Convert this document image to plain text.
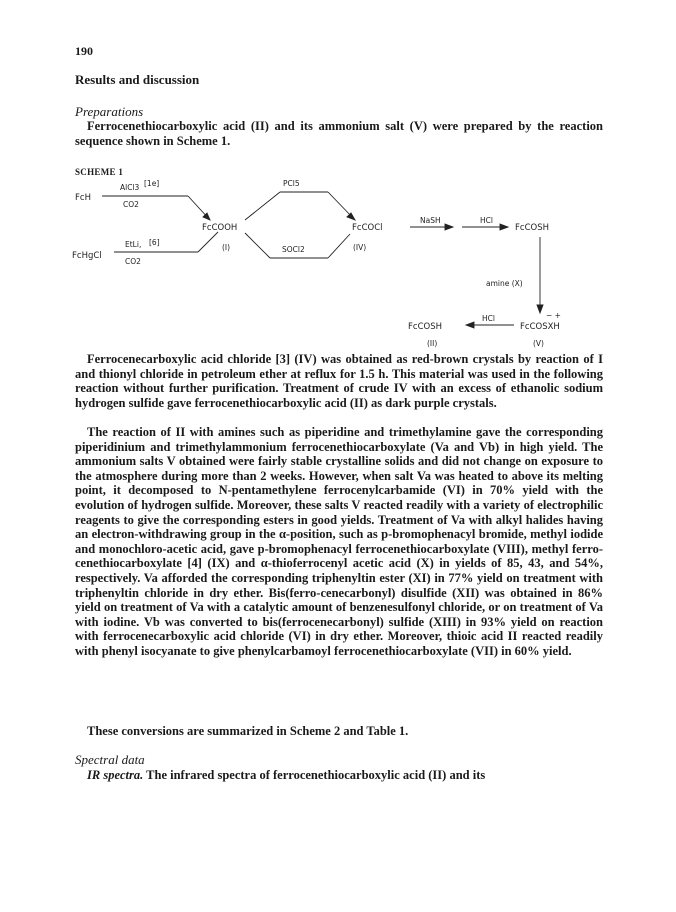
190
Results and discussion
Preparations

Ferrocenethiocarboxylic acid (II) and its ammonium salt (V) were prepared by the reaction sequence shown in Scheme 1.

SCHEME 1
FcH
AlCl3 [1e]
CO2
FcHgCl
EtLi, [6]
CO2
FcCOOH
(I)
PCl5
SOCl2
FcCOCl
(IV)
NaSH	HCl
FcCOSH
amine (X)
FcCOSH
HCl
FcCOSXH
− +
(II)	(V)

Ferrocenecarboxylic acid chloride [3] (IV) was obtained as red-brown crystals by reaction of I and thionyl chloride in petroleum ether at reflux for 1.5 h. This material was used in the following reaction without further purification. Treatment of crude IV with an excess of ethanolic sodium hydrogen sulfide gave ferrocenethiocarboxylic acid (II) as dark purple crystals.

The reaction of II with amines such as piperidine and trimethylamine gave the corresponding piperidinium and trimethylammonium ferrocenethiocarboxylate (Va and Vb) in high yield. The ammonium salts V obtained were fairly stable crystalline solids and did not change on exposure to the atmosphere during more than 2 weeks. However, when salt Va was heated to above its melting point, it decomposed to N-pentamethylene ferrocenylcarbamide (VI) in 70% yield with the evolution of hydrogen sulfide. Moreover, these salts V reacted readily with a variety of electrophilic reagents to give the corresponding esters in good yields. Treatment of Va with alkyl halides having an electron-withdrawing group in the α-position, such as p-bromophenacyl bromide, methyl iodide and monochloro-acetic acid, gave p-bromophenacyl ferrocenethiocarboxylate (VIII), methyl ferro-cenethiocarboxylate [4] (IX) and α-thioferrocenyl acetic acid (X) in yields of 85, 43, and 54%, respectively. Va afforded the corresponding triphenyltin ester (XI) in 77% yield on treatment with triphenyltin chloride in dry ether. Bis(ferro-cenecarbonyl) disulfide (XII) was obtained in 86% yield on treatment of Va with a catalytic amount of benzenesulfonyl chloride, or on treatment of Va with iodine. Vb was converted to bis(ferrocenecarbonyl) sulfide (XIII) in 93% yield on reaction with ferrocenecarboxylic acid chloride (VI) in dry ether. Moreover, thioic acid II reacted readily with phenyl isocyanate to give phenylcarbamoyl ferrocenethiocarboxylate (VII) in 60% yield.

These conversions are summarized in Scheme 2 and Table 1.

Spectral data

IR spectra. The infrared spectra of ferrocenethiocarboxylic acid (II) and its
